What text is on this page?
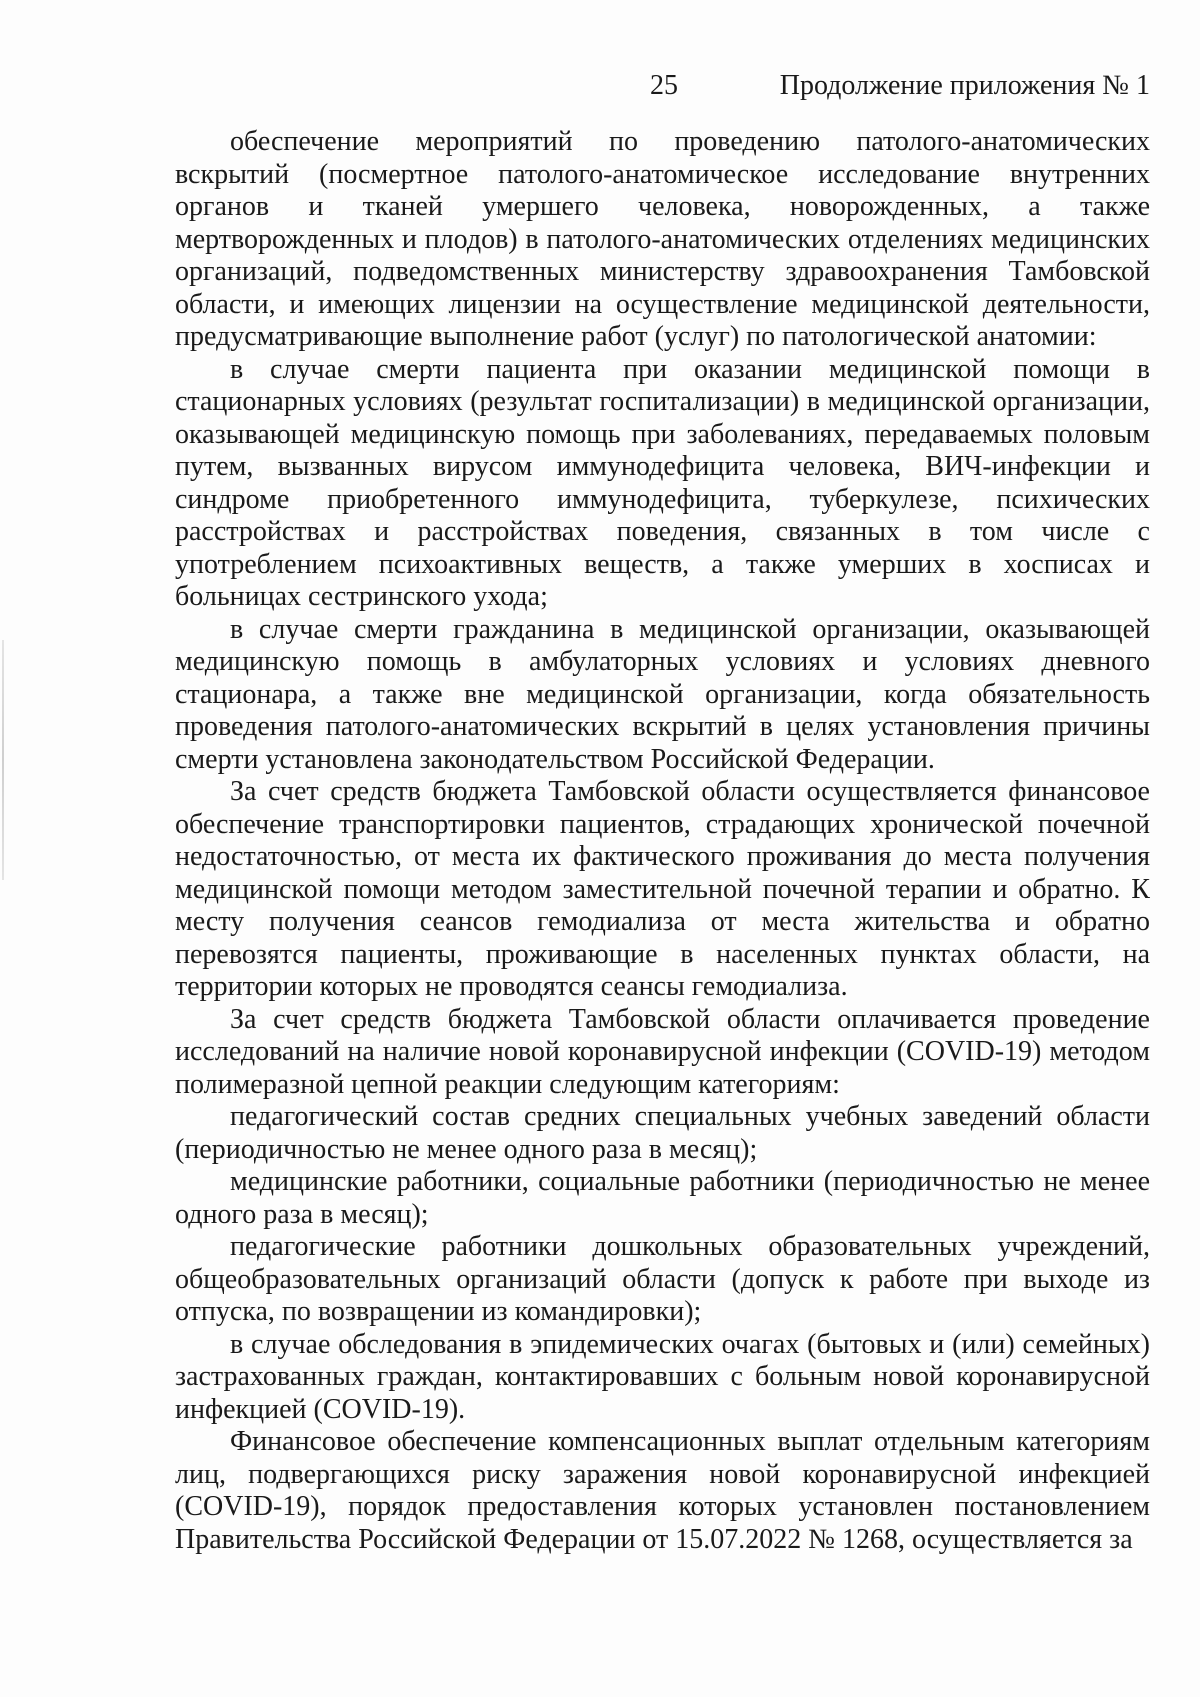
25	Продолжение приложения № 1

обеспечение мероприятий по проведению патолого-анатомических вскрытий (посмертное патолого-анатомическое исследование внутренних органов и тканей умершего человека, новорожденных, а также мертворожденных и плодов) в патолого-анатомических отделениях медицинских организаций, подведомственных министерству здравоохранения Тамбовской области, и имеющих лицензии на осуществление медицинской деятельности, предусматривающие выполнение работ (услуг) по патологической анатомии:

в случае смерти пациента при оказании медицинской помощи в стационарных условиях (результат госпитализации) в медицинской организации, оказывающей медицинскую помощь при заболеваниях, передаваемых половым путем, вызванных вирусом иммунодефицита человека, ВИЧ-инфекции и синдроме приобретенного иммунодефицита, туберкулезе, психических расстройствах и расстройствах поведения, связанных в том числе с употреблением психоактивных веществ, а также умерших в хосписах и больницах сестринского ухода;

в случае смерти гражданина в медицинской организации, оказывающей медицинскую помощь в амбулаторных условиях и условиях дневного стационара, а также вне медицинской организации, когда обязательность проведения патолого-анатомических вскрытий в целях установления причины смерти установлена законодательством Российской Федерации.

За счет средств бюджета Тамбовской области осуществляется финансовое обеспечение транспортировки пациентов, страдающих хронической почечной недостаточностью, от места их фактического проживания до места получения медицинской помощи методом заместительной почечной терапии и обратно. К месту получения сеансов гемодиализа от места жительства и обратно перевозятся пациенты, проживающие в населенных пунктах области, на территории которых не проводятся сеансы гемодиализа.

За счет средств бюджета Тамбовской области оплачивается проведение исследований на наличие новой коронавирусной инфекции (COVID-19) методом полимеразной цепной реакции следующим категориям:

педагогический состав средних специальных учебных заведений области (периодичностью не менее одного раза в месяц);

медицинские работники, социальные работники (периодичностью не менее одного раза в месяц);

педагогические работники дошкольных образовательных учреждений, общеобразовательных организаций области (допуск к работе при выходе из отпуска, по возвращении из командировки);

в случае обследования в эпидемических очагах (бытовых и (или) семейных) застрахованных граждан, контактировавших с больным новой коронавирусной инфекцией (COVID-19).

Финансовое обеспечение компенсационных выплат отдельным категориям лиц, подвергающихся риску заражения новой коронавирусной инфекцией (COVID-19), порядок предоставления которых установлен постановлением Правительства Российской Федерации от 15.07.2022 № 1268, осуществляется за
